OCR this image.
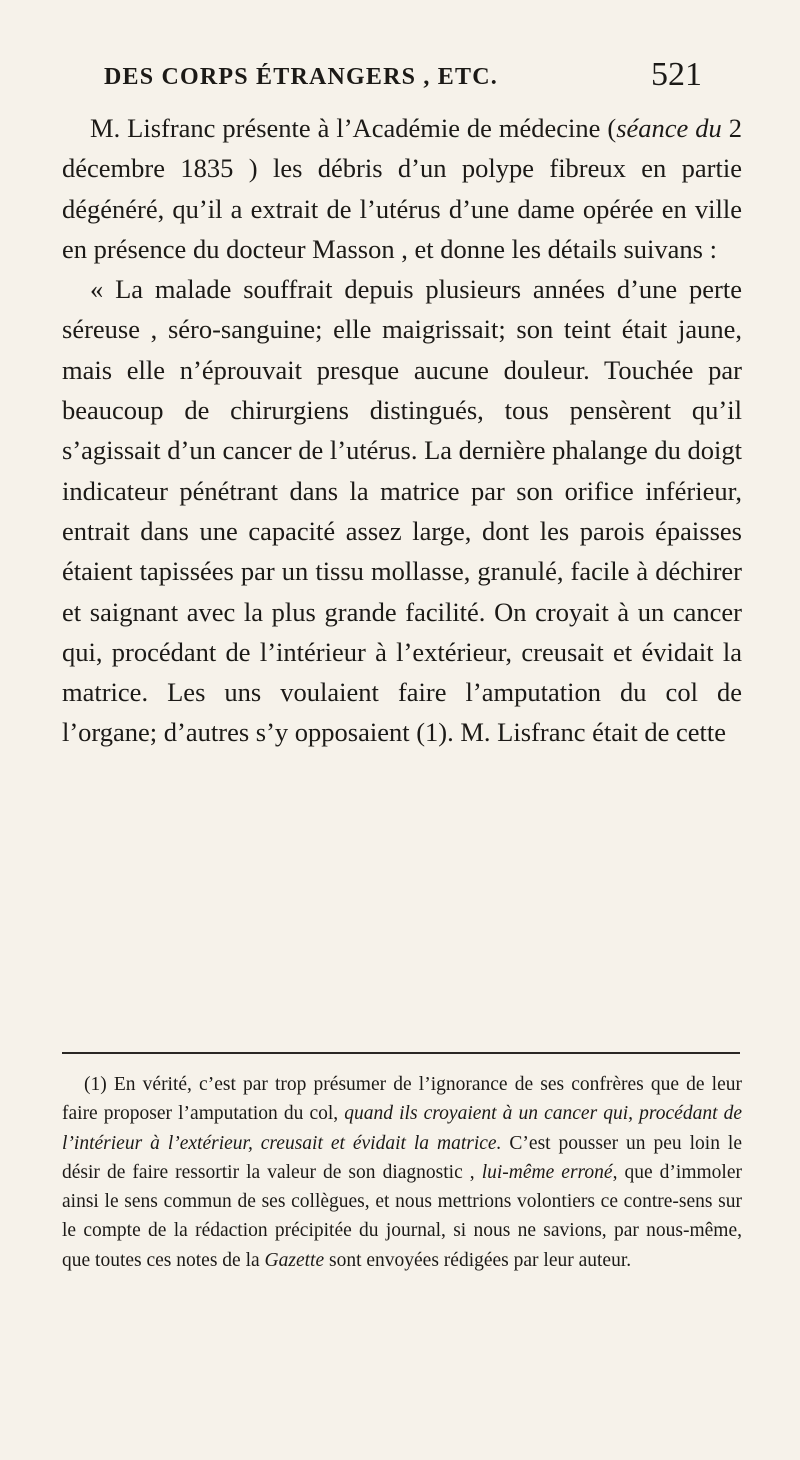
DES CORPS ÉTRANGERS , ETC.	521

M. Lisfranc présente à l’Académie de médecine (séance du 2 décembre 1835 ) les débris d’un polype fibreux en partie dégénéré, qu’il a extrait de l’utérus d’une dame opérée en ville en présence du docteur Masson , et donne les détails suivans :

« La malade souffrait depuis plusieurs années d’une perte séreuse , séro-sanguine; elle maigrissait; son teint était jaune, mais elle n’éprouvait presque aucune douleur. Touchée par beaucoup de chirurgiens distingués, tous pensèrent qu’il s’agissait d’un cancer de l’utérus. La dernière phalange du doigt indicateur pénétrant dans la matrice par son orifice inférieur, entrait dans une capacité assez large, dont les parois épaisses étaient tapissées par un tissu mollasse, granulé, facile à déchirer et saignant avec la plus grande facilité. On croyait à un cancer qui, procédant de l’intérieur à l’extérieur, creusait et évidait la matrice. Les uns voulaient faire l’amputation du col de l’organe; d’autres s’y opposaient (1). M. Lisfranc était de cette

(1) En vérité, c’est par trop présumer de l’ignorance de ses confrères que de leur faire proposer l’amputation du col, quand ils croyaient à un cancer qui, procédant de l’intérieur à l’extérieur, creusait et évidait la matrice. C’est pousser un peu loin le désir de faire ressortir la valeur de son diagnostic , lui-même erroné, que d’immoler ainsi le sens commun de ses collègues, et nous mettrions volontiers ce contre-sens sur le compte de la rédaction précipitée du journal, si nous ne savions, par nous-même, que toutes ces notes de la Gazette sont envoyées rédigées par leur auteur.
